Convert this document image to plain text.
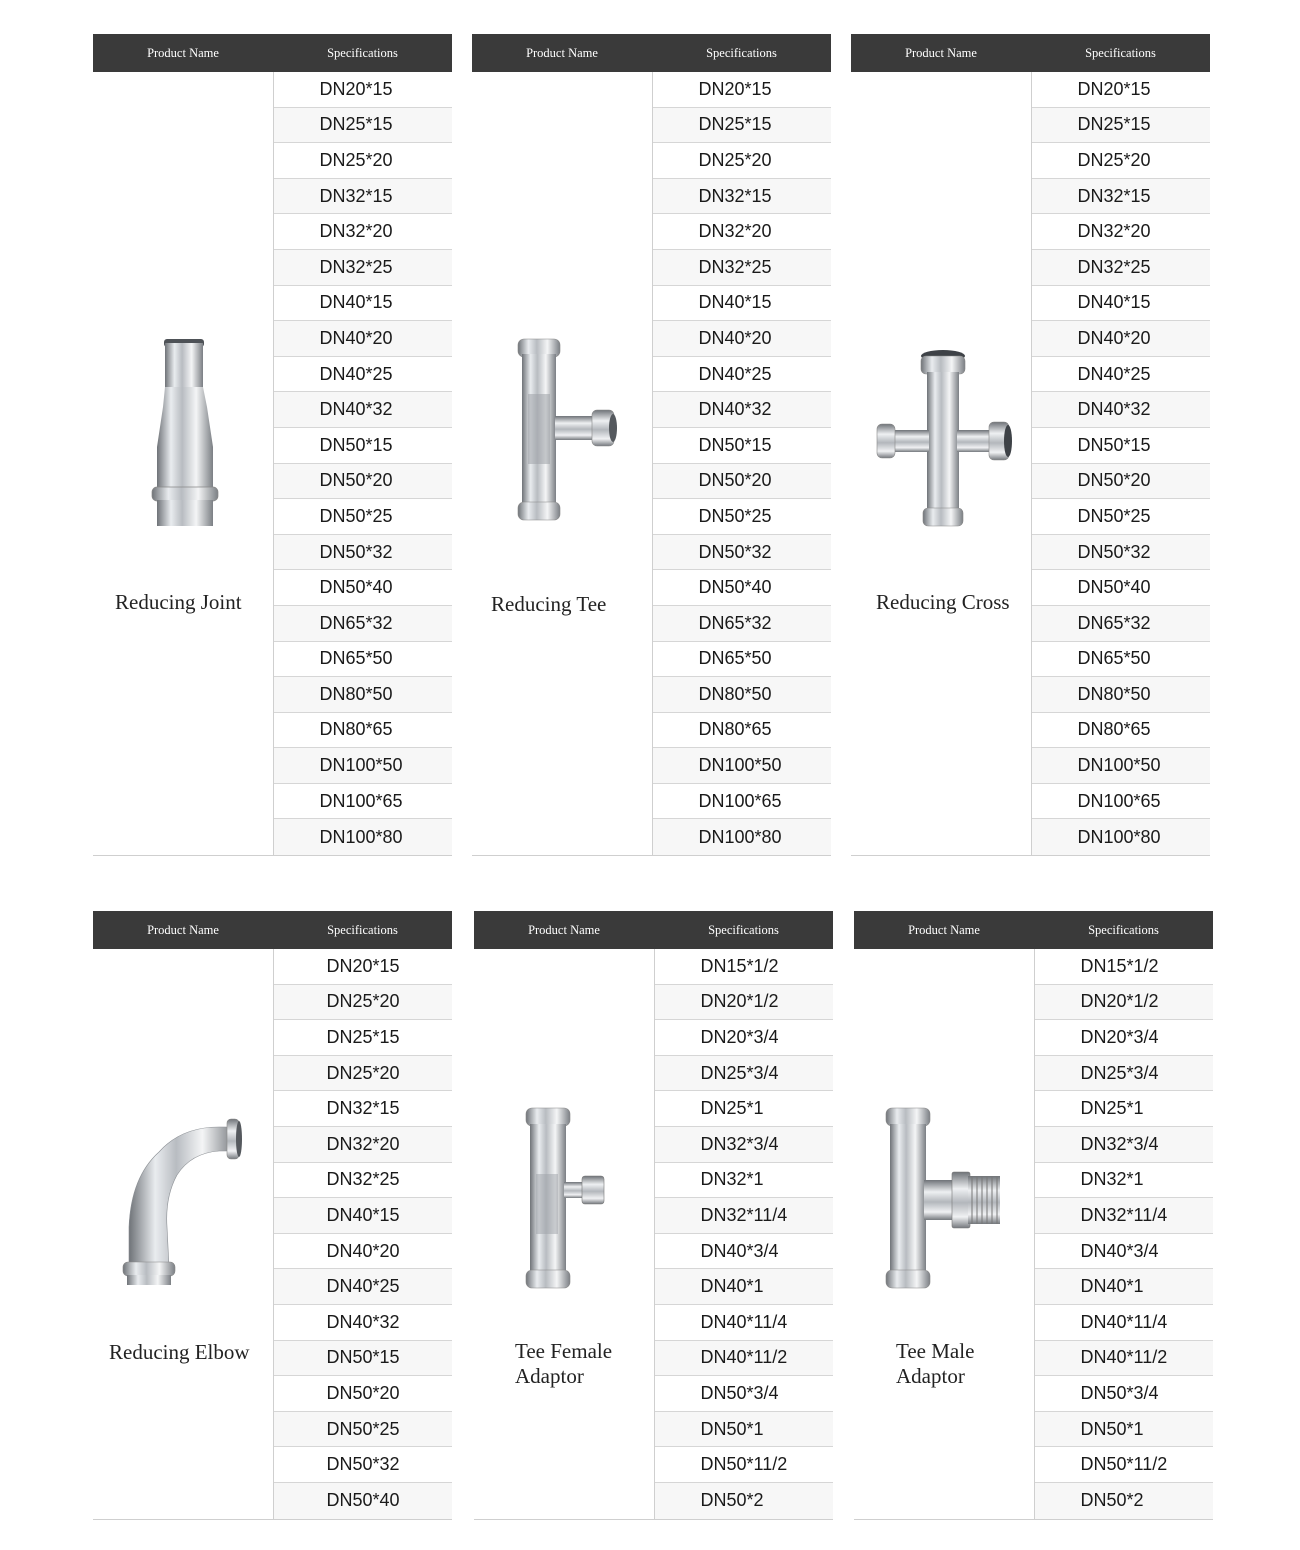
Product Name	Specifications
Reducing Joint
DN20*15
DN25*15
DN25*20
DN32*15
DN32*20
DN32*25
DN40*15
DN40*20
DN40*25
DN40*32
DN50*15
DN50*20
DN50*25
DN50*32
DN50*40
DN65*32
DN65*50
DN80*50
DN80*65
DN100*50
DN100*65
DN100*80
Product Name	Specifications
Reducing Tee
DN20*15
DN25*15
DN25*20
DN32*15
DN32*20
DN32*25
DN40*15
DN40*20
DN40*25
DN40*32
DN50*15
DN50*20
DN50*25
DN50*32
DN50*40
DN65*32
DN65*50
DN80*50
DN80*65
DN100*50
DN100*65
DN100*80
Product Name	Specifications
Reducing Cross
DN20*15
DN25*15
DN25*20
DN32*15
DN32*20
DN32*25
DN40*15
DN40*20
DN40*25
DN40*32
DN50*15
DN50*20
DN50*25
DN50*32
DN50*40
DN65*32
DN65*50
DN80*50
DN80*65
DN100*50
DN100*65
DN100*80
Product Name	Specifications
Reducing Elbow
DN20*15
DN25*20
DN25*15
DN25*20
DN32*15
DN32*20
DN32*25
DN40*15
DN40*20
DN40*25
DN40*32
DN50*15
DN50*20
DN50*25
DN50*32
DN50*40
Product Name	Specifications
Tee Female
Adaptor
DN15*1/2
DN20*1/2
DN20*3/4
DN25*3/4
DN25*1
DN32*3/4
DN32*1
DN32*11/4
DN40*3/4
DN40*1
DN40*11/4
DN40*11/2
DN50*3/4
DN50*1
DN50*11/2
DN50*2
Product Name	Specifications
Tee Male
Adaptor
DN15*1/2
DN20*1/2
DN20*3/4
DN25*3/4
DN25*1
DN32*3/4
DN32*1
DN32*11/4
DN40*3/4
DN40*1
DN40*11/4
DN40*11/2
DN50*3/4
DN50*1
DN50*11/2
DN50*2
